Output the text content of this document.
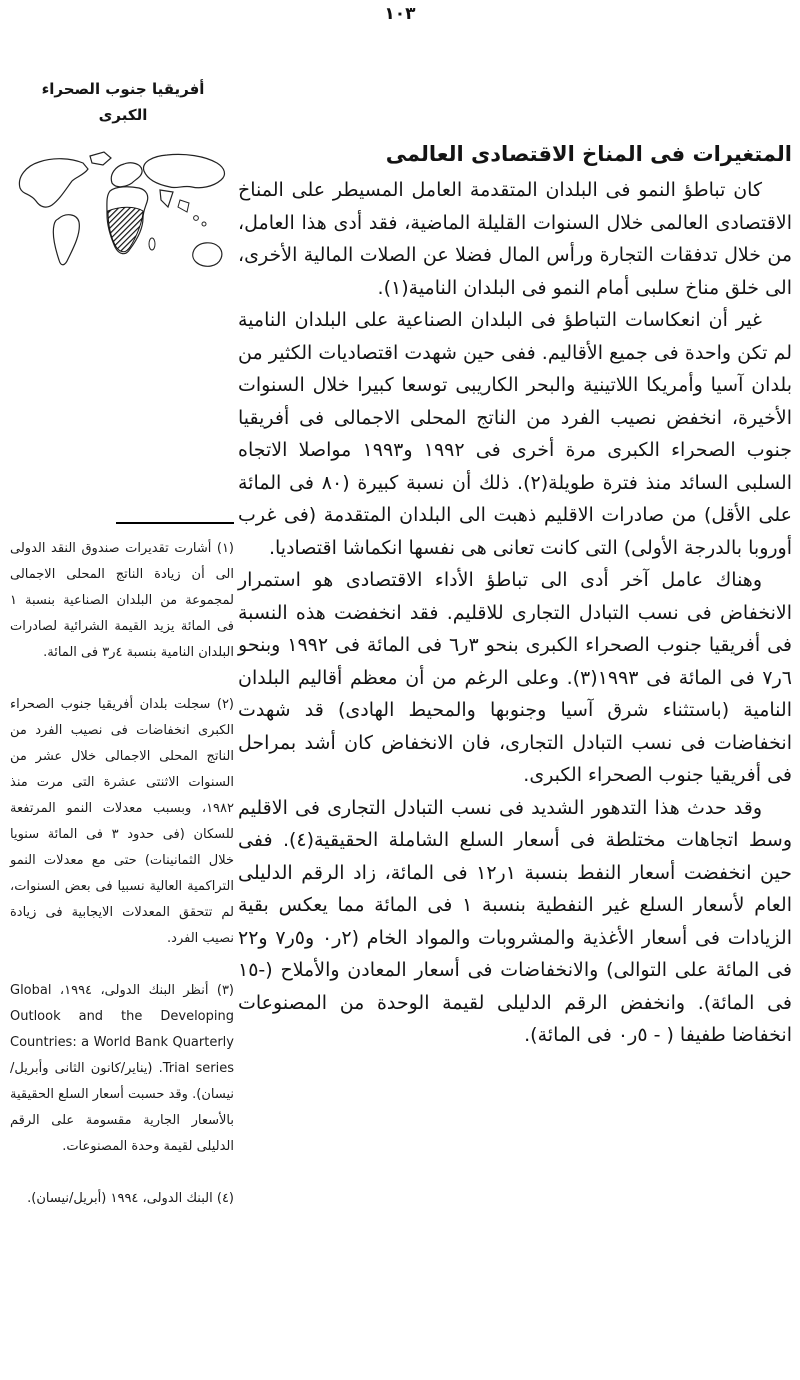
١٠٣
أفريقيا جنوب الصحراء
الكبرى
المتغيرات فى المناخ الاقتصادى العالمى

كان تباطؤ النمو فى البلدان المتقدمة العامل المسيطر على المناخ الاقتصادى العالمى خلال السنوات القليلة الماضية، فقد أدى هذا العامل، من خلال تدفقات التجارة ورأس المال فضلا عن الصلات المالية الأخرى، الى خلق مناخ سلبى أمام النمو فى البلدان النامية(١).

غير أن انعكاسات التباطؤ فى البلدان الصناعية على البلدان النامية لم تكن واحدة فى جميع الأقاليم. ففى حين شهدت اقتصاديات الكثير من بلدان آسيا وأمريكا اللاتينية والبحر الكاريبى توسعا كبيرا خلال السنوات الأخيرة، انخفض نصيب الفرد من الناتج المحلى الاجمالى فى أفريقيا جنوب الصحراء الكبرى مرة أخرى فى ١٩٩٢ و١٩٩٣ مواصلا الاتجاه السلبى السائد منذ فترة طويلة(٢). ذلك أن نسبة كبيرة (٨٠ فى المائة على الأقل) من صادرات الاقليم ذهبت الى البلدان المتقدمة (فى غرب أوروبا بالدرجة الأولى) التى كانت تعانى هى نفسها انكماشا اقتصاديا.

وهناك عامل آخر أدى الى تباطؤ الأداء الاقتصادى هو استمرار الانخفاض فى نسب التبادل التجارى للاقليم. فقد انخفضت هذه النسبة فى أفريقيا جنوب الصحراء الكبرى بنحو ٣ر٦ فى المائة فى ١٩٩٢ وبنحو ٦ر٧ فى المائة فى ١٩٩٣(٣). وعلى الرغم من أن معظم أقاليم البلدان النامية (باستثناء شرق آسيا وجنوبها والمحيط الهادى) قد شهدت انخفاضات فى نسب التبادل التجارى، فان الانخفاض كان أشد بمراحل فى أفريقيا جنوب الصحراء الكبرى.

وقد حدث هذا التدهور الشديد فى نسب التبادل التجارى فى الاقليم وسط اتجاهات مختلطة فى أسعار السلع الشاملة الحقيقية(٤). ففى حين انخفضت أسعار النفط بنسبة ١ر١٢ فى المائة، زاد الرقم الدليلى العام لأسعار السلع غير النفطية بنسبة ١ فى المائة مما يعكس بقية الزيادات فى أسعار الأغذية والمشروبات والمواد الخام (٢ر٠ و٥ر٧ و٢٢ فى المائة على التوالى) والانخفاضات فى أسعار المعادن والأملاح (-١٥ فى المائة). وانخفض الرقم الدليلى لقيمة الوحدة من المصنوعات انخفاضا طفيفا ( - ٥ر٠ فى المائة).

(١) أشارت تقديرات صندوق النقد الدولى الى أن زيادة الناتج المحلى الاجمالى لمجموعة من البلدان الصناعية بنسبة ١ فى المائة يزيد القيمة الشرائية لصادرات البلدان النامية بنسبة ٤ر٣ فى المائة.
(٢) سجلت بلدان أفريقيا جنوب الصحراء الكبرى انخفاضات فى نصيب الفرد من الناتج المحلى الاجمالى خلال عشر من السنوات الاثنتى عشرة التى مرت منذ ١٩٨٢، وبسبب معدلات النمو المرتفعة للسكان (فى حدود ٣ فى المائة سنويا خلال الثمانينات) حتى مع معدلات النمو التراكمية العالية نسبيا فى بعض السنوات، لم تتحقق المعدلات الايجابية فى زيادة نصيب الفرد.
(٣) أنظر البنك الدولى، ١٩٩٤، Global Outlook and the Developing Countries: a World Bank Quarterly Trial series. (يناير/كانون الثانى وأبريل/نيسان). وقد حسبت أسعار السلع الحقيقية بالأسعار الجارية مقسومة على الرقم الدليلى لقيمة وحدة المصنوعات.
(٤) البنك الدولى، ١٩٩٤ (أبريل/نيسان).
